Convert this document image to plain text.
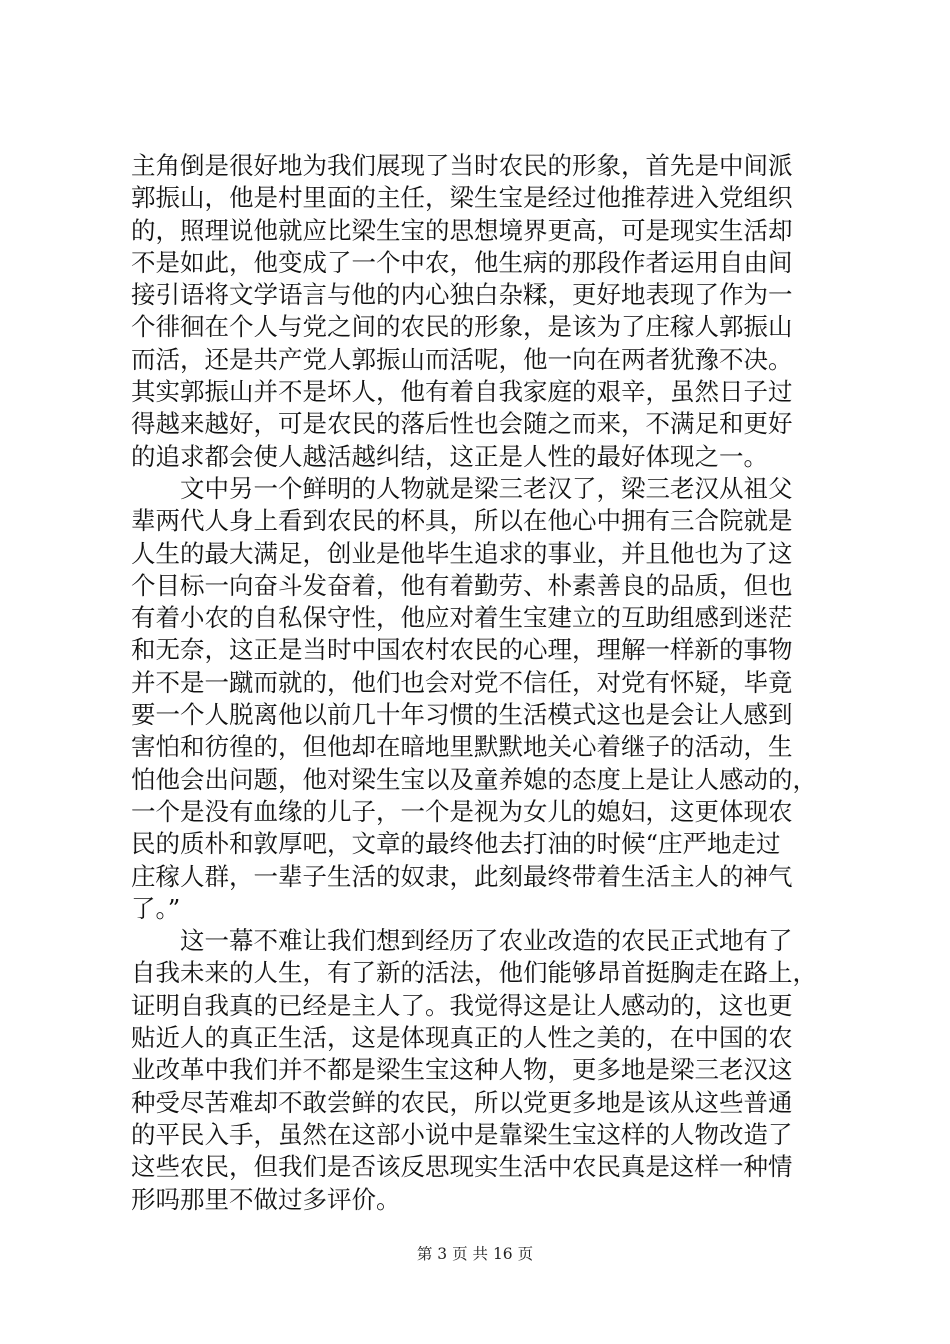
主角倒是很好地为我们展现了当时农民的形象，首先是中间派
郭振山，他是村里面的主任，梁生宝是经过他推荐进入党组织
的，照理说他就应比梁生宝的思想境界更高，可是现实生活却
不是如此，他变成了一个中农，他生病的那段作者运用自由间
接引语将文学语言与他的内心独白杂糅，更好地表现了作为一
个徘徊在个人与党之间的农民的形象，是该为了庄稼人郭振山
而活，还是共产党人郭振山而活呢，他一向在两者犹豫不决。
其实郭振山并不是坏人，他有着自我家庭的艰辛，虽然日子过
得越来越好，可是农民的落后性也会随之而来，不满足和更好
的追求都会使人越活越纠结，这正是人性的最好体现之一。
文中另一个鲜明的人物就是梁三老汉了，梁三老汉从祖父
辈两代人身上看到农民的杯具，所以在他心中拥有三合院就是
人生的最大满足，创业是他毕生追求的事业，并且他也为了这
个目标一向奋斗发奋着，他有着勤劳、朴素善良的品质，但也
有着小农的自私保守性，他应对着生宝建立的互助组感到迷茫
和无奈，这正是当时中国农村农民的心理，理解一样新的事物
并不是一蹴而就的，他们也会对党不信任，对党有怀疑，毕竟
要一个人脱离他以前几十年习惯的生活模式这也是会让人感到
害怕和彷徨的，但他却在暗地里默默地关心着继子的活动，生
怕他会出问题，他对梁生宝以及童养媳的态度上是让人感动的，
一个是没有血缘的儿子，一个是视为女儿的媳妇，这更体现农
民的质朴和敦厚吧，文章的最终他去打油的时候“庄严地走过
庄稼人群，一辈子生活的奴隶，此刻最终带着生活主人的神气
了。”
这一幕不难让我们想到经历了农业改造的农民正式地有了
自我未来的人生，有了新的活法，他们能够昂首挺胸走在路上，
证明自我真的已经是主人了。我觉得这是让人感动的，这也更
贴近人的真正生活，这是体现真正的人性之美的，在中国的农
业改革中我们并不都是梁生宝这种人物，更多地是梁三老汉这
种受尽苦难却不敢尝鲜的农民，所以党更多地是该从这些普通
的平民入手，虽然在这部小说中是靠梁生宝这样的人物改造了
这些农民，但我们是否该反思现实生活中农民真是这样一种情
形吗那里不做过多评价。
第 3 页 共 16 页
